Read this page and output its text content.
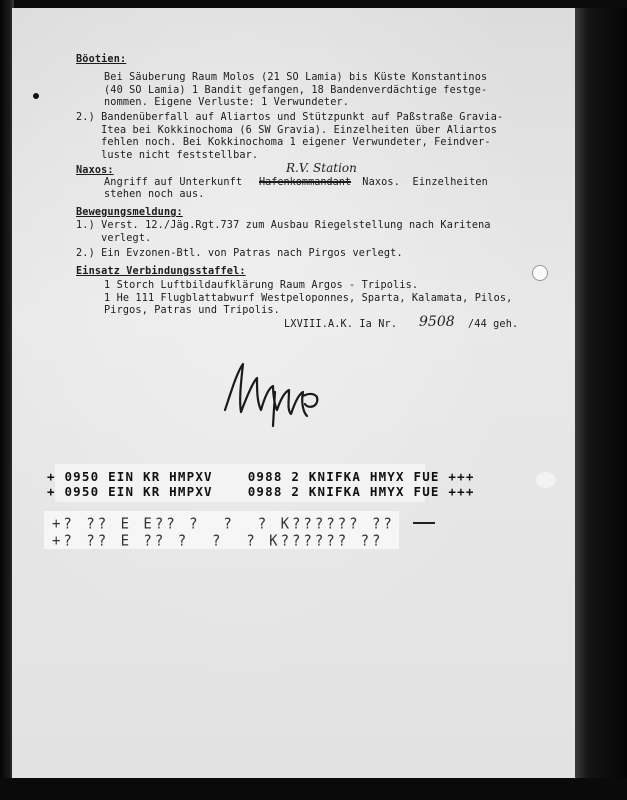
Böotien:
Bei Säuberung Raum Molos (21 SO Lamia) bis Küste Konstantinos
(40 SO Lamia) 1 Bandit gefangen, 18 Bandenverdächtige festge-
nommen. Eigene Verluste: 1 Verwundeter.
2.) Bandenüberfall auf Aliartos und Stützpunkt auf Paßstraße Gravia-
Itea bei Kokkinochoma (6 SW Gravia). Einzelheiten über Aliartos
fehlen noch. Bei Kokkinochoma 1 eigener Verwundeter, Feindver-
luste nicht feststellbar.
Naxos:
Angriff auf Unterkunft Hafenkommandant Naxos.  Einzelheiten
stehen noch aus.
R.V. Station
Bewegungsmeldung:
1.) Verst. 12./Jäg.Rgt.737 zum Ausbau Riegelstellung nach Karitena
verlegt.
2.) Ein Evzonen-Btl. von Patras nach Pirgos verlegt.
Einsatz Verbindungsstaffel:
1 Storch Luftbildaufklärung Raum Argos - Tripolis.
1 He 111 Flugblattabwurf Westpeloponnes, Sparta, Kalamata, Pilos,
Pirgos, Patras und Tripolis.
LXVIII.A.K. Ia Nr. 9508 /44 geh.
+ 0950 EIN KR HMPXV    0988 2 KNIFKA HMYX FUE +++
+ 0950 EIN KR HMPXV    0988 2 KNIFKA HMYX FUE +++
+? ?? E E?? ?  ?  ? K?????? ??
+? ?? E ?? ?  ?  ? K?????? ??
